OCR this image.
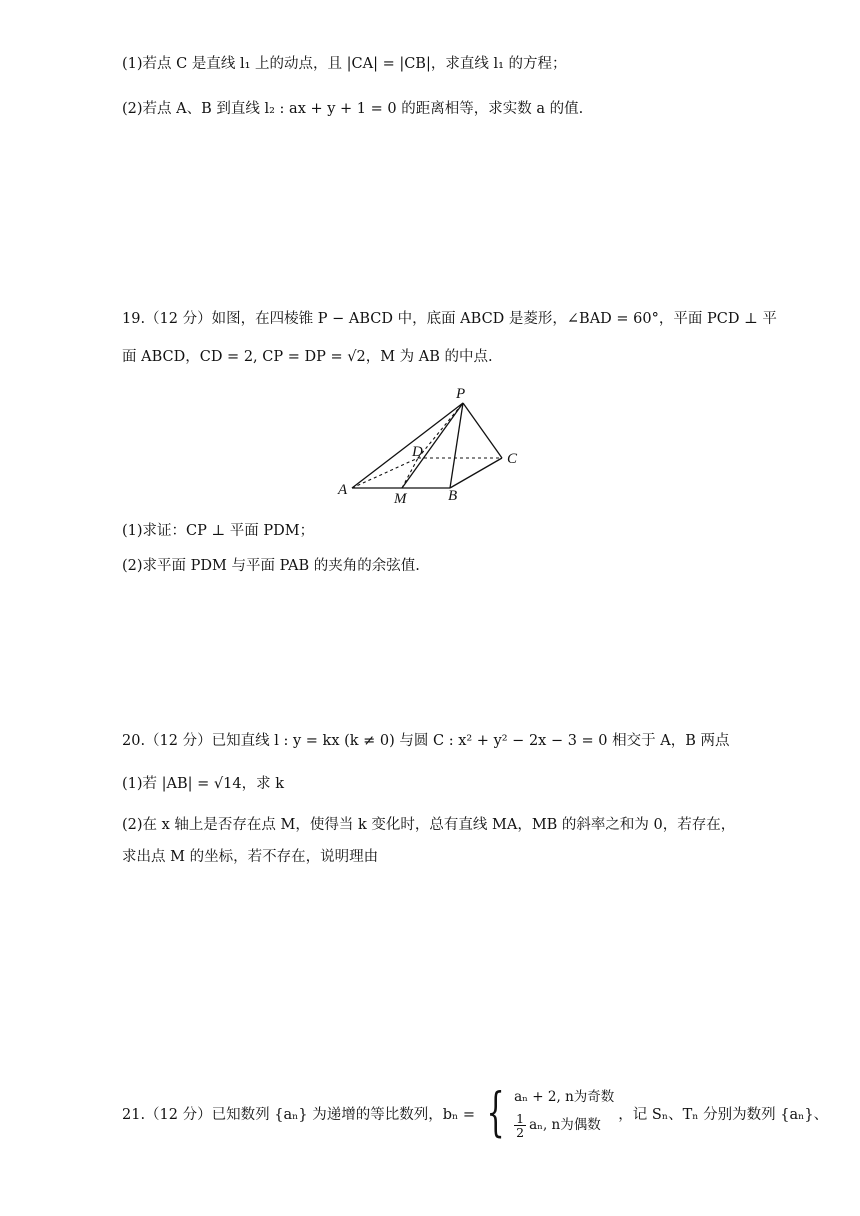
(1)若点 C 是直线 l₁ 上的动点，且 |CA| = |CB|，求直线 l₁ 的方程；
(2)若点 A、B 到直线 l₂ : ax + y + 1 = 0 的距离相等，求实数 a 的值.
19.（12 分）如图，在四棱锥 P − ABCD 中，底面 ABCD 是菱形，∠BAD = 60°，平面 PCD ⊥ 平
面 ABCD，CD = 2, CP = DP = √2，M 为 AB 的中点.
P
D	C
A
M	B
(1)求证：CP ⊥ 平面 PDM；
(2)求平面 PDM 与平面 PAB 的夹角的余弦值.
20.（12 分）已知直线 l : y = kx (k ≠ 0) 与圆 C : x² + y² − 2x − 3 = 0 相交于 A，B 两点
(1)若 |AB| = √14，求 k
(2)在 x 轴上是否存在点 M，使得当 k 变化时，总有直线 MA，MB 的斜率之和为 0，若存在，
求出点 M 的坐标，若不存在，说明理由
21.（12 分）已知数列 {aₙ} 为递增的等比数列，bₙ = { aₙ + 2, n为奇数
$\frac{1}{2} a_n$, n为偶数
，记 Sₙ、Tₙ 分别为数列 {aₙ}、
